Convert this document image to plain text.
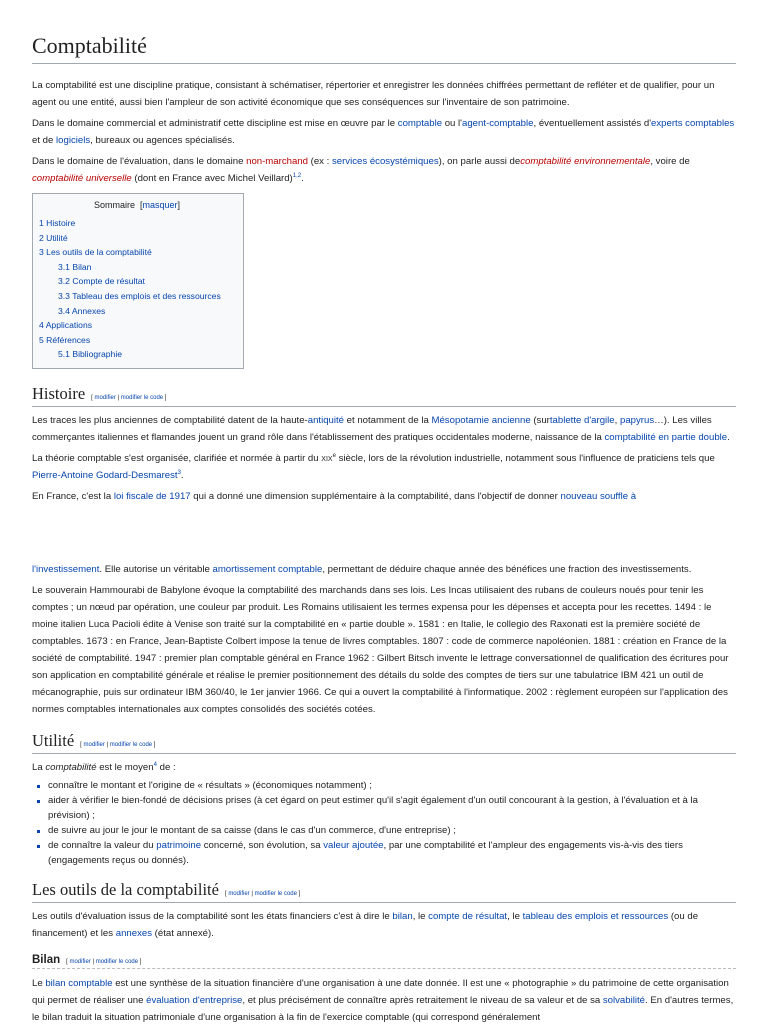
Comptabilité

La comptabilité est une discipline pratique, consistant à schématiser, répertorier et enregistrer les données chiffrées permettant de refléter et de qualifier, pour un agent ou une entité, aussi bien l'ampleur de son activité économique que ses conséquences sur l'inventaire de son patrimoine.

Dans le domaine commercial et administratif cette discipline est mise en œuvre par le comptable ou l'agent-comptable, éventuellement assistés d'experts comptables et de logiciels, bureaux ou agences spécialisés.

Dans le domaine de l'évaluation, dans le domaine non-marchand (ex : services écosystémiques), on parle aussi decomptabilité environnementale, voire de comptabilité universelle (dont en France avec Michel Veillard)$^{1,2}$.

Sommaire  [masquer]
1 Histoire
2 Utilité
3 Les outils de la comptabilité
3.1 Bilan
3.2 Compte de résultat
3.3 Tableau des emplois et des ressources
3.4 Annexes
4 Applications
5 Références
5.1 Bibliographie
Histoire [ modifier | modifier le code ]

Les traces les plus anciennes de comptabilité datent de la haute-antiquité et notamment de la Mésopotamie ancienne (surtablette d'argile, papyrus…). Les villes commerçantes italiennes et flamandes jouent un grand rôle dans l'établissement des pratiques occidentales moderne, naissance de la comptabilité en partie double.

La théorie comptable s'est organisée, clarifiée et normée à partir du xix$^e$ siècle, lors de la révolution industrielle, notamment sous l'influence de praticiens tels que Pierre-Antoine Godard-Desmarest$^3$.

En France, c'est la loi fiscale de 1917 qui a donné une dimension supplémentaire à la comptabilité, dans l'objectif de donner nouveau souffle à

l'investissement. Elle autorise un véritable amortissement comptable, permettant de déduire chaque année des bénéfices une fraction des investissements.

Le souverain Hammourabi de Babylone évoque la comptabilité des marchands dans ses lois. Les Incas utilisaient des rubans de couleurs noués pour tenir les comptes ; un nœud par opération, une couleur par produit. Les Romains utilisaient les termes expensa pour les dépenses et accepta pour les recettes. 1494 : le moine italien Luca Pacioli édite à Venise son traité sur la comptabilité en « partie double ». 1581 : en Italie, le collegio des Raxonati est la première société de comptables. 1673 : en France, Jean-Baptiste Colbert impose la tenue de livres comptables. 1807 : code de commerce napoléonien. 1881 : création en France de la société de comptabilité. 1947 : premier plan comptable général en France 1962 : Gilbert Bitsch invente le lettrage conversationnel de qualification des écritures pour son application en comptabilité générale et réalise le premier positionnement des détails du solde des comptes de tiers sur une tabulatrice IBM 421 un outil de mécanographie, puis sur ordinateur IBM 360/40, le 1er janvier 1966. Ce qui a ouvert la comptabilité à l'informatique. 2002 : règlement européen sur l'application des normes comptables internationales aux comptes consolidés des sociétés cotées.

Utilité [ modifier | modifier le code ]

La comptabilité est le moyen$^4$ de :

connaître le montant et l'origine de « résultats » (économiques notamment) ;
aider à vérifier le bien-fondé de décisions prises (à cet égard on peut estimer qu'il s'agit également d'un outil concourant à la gestion, à l'évaluation et à la prévision) ;
de suivre au jour le jour le montant de sa caisse (dans le cas d'un commerce, d'une entreprise) ;
de connaître la valeur du patrimoine concerné, son évolution, sa valeur ajoutée, par une comptabilité et l'ampleur des engagements vis-à-vis des tiers (engagements reçus ou donnés).
Les outils de la comptabilité [ modifier | modifier le code ]

Les outils d'évaluation issus de la comptabilité sont les états financiers c'est à dire le bilan, le compte de résultat, le tableau des emplois et ressources (ou de financement) et les annexes (état annexé).

Bilan [ modifier | modifier le code ]

Le bilan comptable est une synthèse de la situation financière d'une organisation à une date donnée. Il est une « photographie » du patrimoine de cette organisation qui permet de réaliser une évaluation d'entreprise, et plus précisément de connaître après retraitement le niveau de sa valeur et de sa solvabilité. En d'autres termes, le bilan traduit la situation patrimoniale d'une organisation à la fin de l'exercice comptable (qui correspond généralement
